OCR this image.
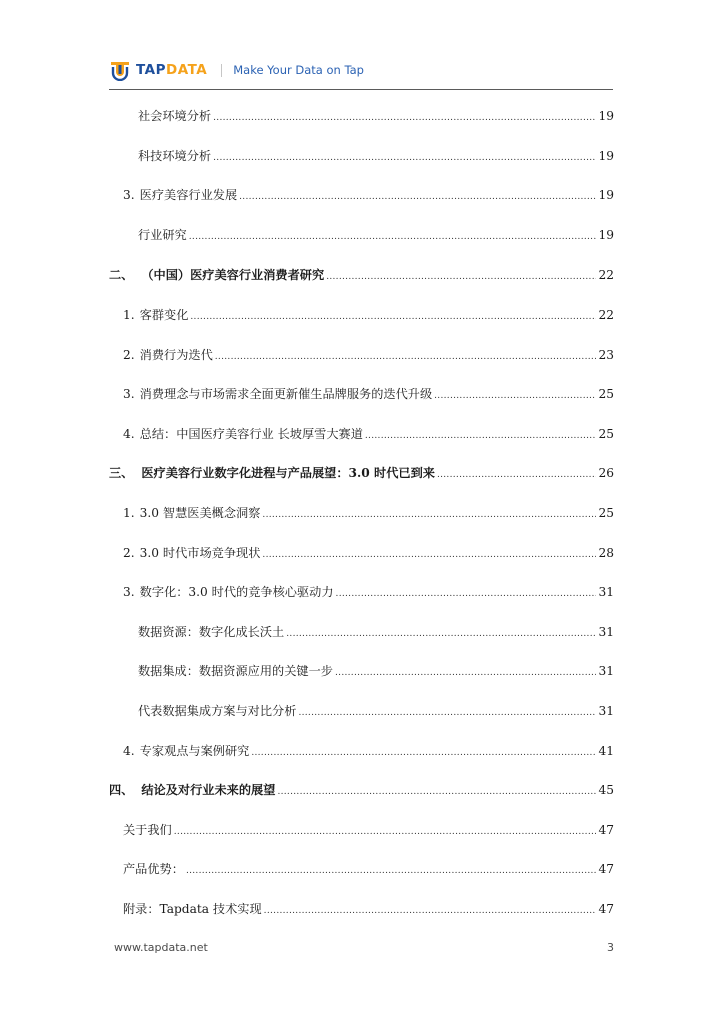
TAPDATA Make Your Data on Tap
社会环境分析 .....	19
科技环境分析 .....	19
3. 医疗美容行业发展 .....	19
行业研究 .....	19
二、 （中国）医疗美容行业消费者研究 .....	22
1. 客群变化 .....	22
2. 消费行为迭代 .....	23
3. 消费理念与市场需求全面更新催生品牌服务的迭代升级 .....	25
4. 总结：中国医疗美容行业 长坡厚雪大赛道 .....	25
三、 医疗美容行业数字化进程与产品展望：3.0 时代已到来 .....	26
1. 3.0 智慧医美概念洞察 .....	25
2. 3.0 时代市场竞争现状 .....	28
3. 数字化：3.0 时代的竞争核心驱动力 .....	31
数据资源：数字化成长沃土 .....	31
数据集成：数据资源应用的关键一步 .....	31
代表数据集成方案与对比分析 .....	31
4. 专家观点与案例研究 .....	41
四、 结论及对行业未来的展望 .....	45
关于我们 .....	47
产品优势： .....	47
附录：Tapdata 技术实现 .....	47
www.tapdata.net	3
